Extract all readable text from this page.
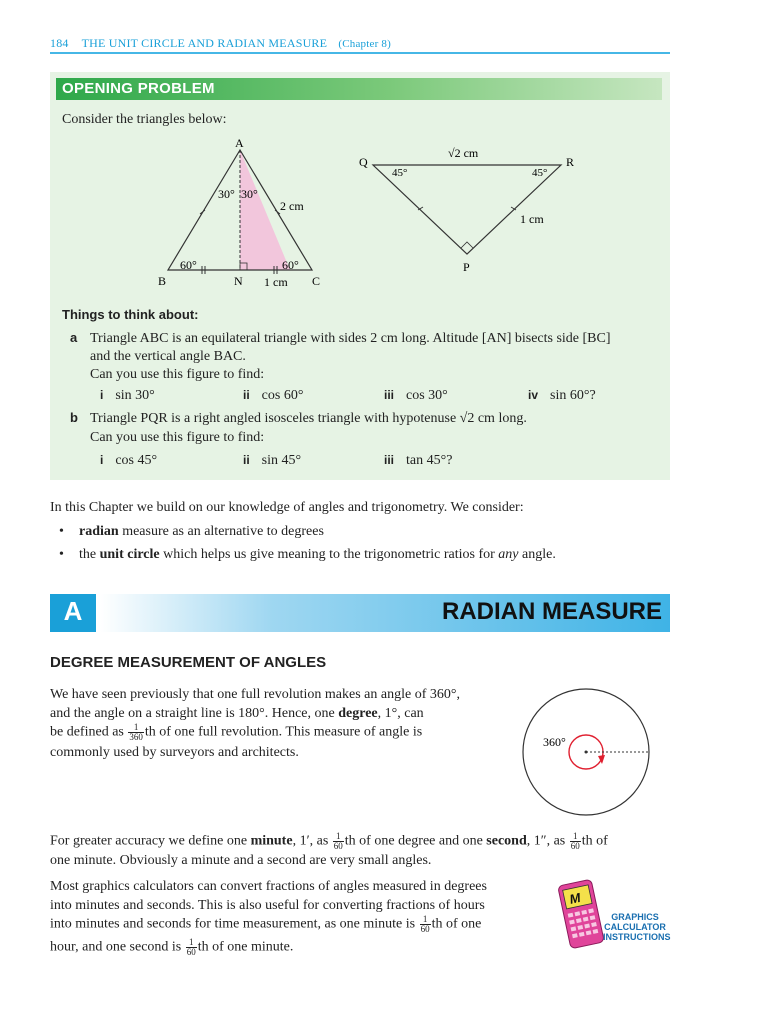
184 THE UNIT CIRCLE AND RADIAN MEASURE (Chapter 8)
OPENING PROBLEM
Consider the triangles below:
A
B	N	C
30° 30°
60°	60°
2 cm
1 cm
Q	R
P
√2 cm
45°	45°
1 cm
Things to think about:
a Triangle ABC is an equilateral triangle with sides 2 cm long. Altitude [AN] bisects side [BC]
and the vertical angle BAC.
Can you use this figure to find:
i sin 30°	ii cos 60°	iii cos 30°	iv sin 60°?
b Triangle PQR is a right angled isosceles triangle with hypotenuse √2 cm long.
Can you use this figure to find:
i cos 45°	ii sin 45°	iii tan 45°?
In this Chapter we build on our knowledge of angles and trigonometry. We consider:
• radian measure as an alternative to degrees
• the unit circle which helps us give meaning to the trigonometric ratios for any angle.
A	RADIAN MEASURE
DEGREE MEASUREMENT OF ANGLES
We have seen previously that one full revolution makes an angle of 360°,
and the angle on a straight line is 180°. Hence, one degree, 1°, can
be defined as $\frac{1}{360}$ th of one full revolution. This measure of angle is
commonly used by surveyors and architects.
360°
For greater accuracy we define one minute, 1′, as $\frac{1}{60}$ th of one degree and one second, 1″, as $\frac{1}{60}$ th of
one minute. Obviously a minute and a second are very small angles.
Most graphics calculators can convert fractions of angles measured in degrees
into minutes and seconds. This is also useful for converting fractions of hours
into minutes and seconds for time measurement, as one minute is $\frac{1}{60}$ th of one
hour, and one second is $\frac{1}{60}$ th of one minute.
M
GRAPHICS
CALCULATOR
INSTRUCTIONS
